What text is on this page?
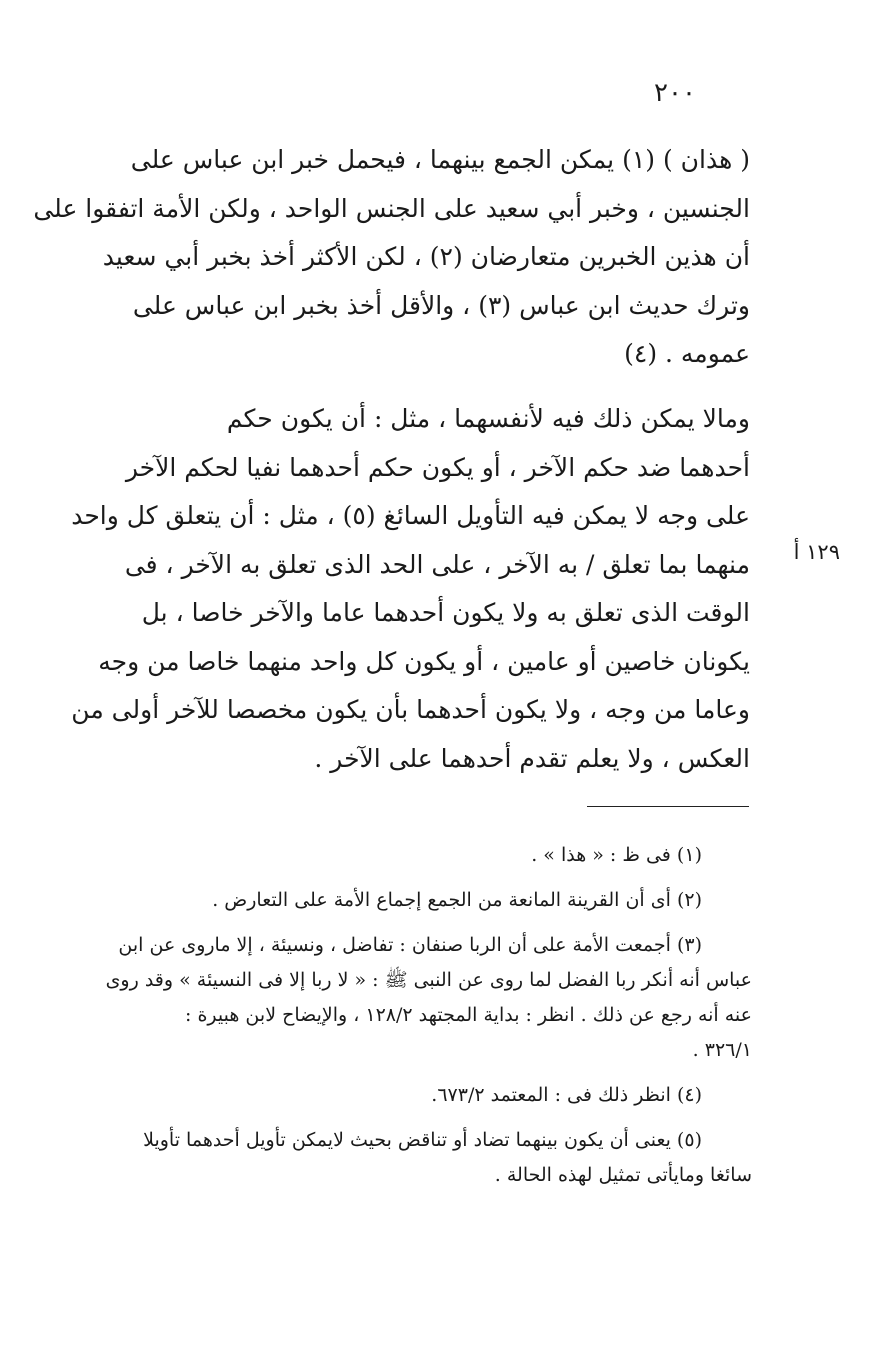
٢٠٠
( هذان ) (١) يمكن الجمع بينهما ، فيحمل خبر ابن عباس على
الجنسين ، وخبر أبي سعيد على الجنس الواحد ، ولكن الأمة اتفقوا على
أن هذين الخبرين متعارضان (٢) ، لكن الأكثر أخذ بخبر أبي سعيد
وترك حديث ابن عباس (٣) ، والأقل أخذ بخبر ابن عباس على
عمومه . (٤)
ومالا يمكن ذلك فيه لأنفسهما ، مثل : أن يكون حكم
أحدهما ضد حكم الآخر ، أو يكون حكم أحدهما نفيا لحكم الآخر
على وجه لا يمكن فيه التأويل السائغ (٥) ، مثل : أن يتعلق كل واحد
منهما بما تعلق / به الآخر ، على الحد الذى تعلق به الآخر ، فى
الوقت الذى تعلق به ولا يكون أحدهما عاما والآخر خاصا ، بل
يكونان خاصين أو عامين ، أو يكون كل واحد منهما خاصا من وجه
وعاما من وجه ، ولا يكون أحدهما بأن يكون مخصصا للآخر أولى من
العكس ، ولا يعلم تقدم أحدهما على الآخر .
١٢٩ أ
(١) فى ظ : « هذا » .
(٢) أى أن القرينة المانعة من الجمع إجماع الأمة على التعارض .
(٣) أجمعت الأمة على أن الربا صنفان : تفاضل ، ونسيئة ، إلا ماروى عن ابن
عباس أنه أنكر ربا الفضل لما روى عن النبى ﷺ : « لا ربا إلا فى النسيئة » وقد روى
عنه أنه رجع عن ذلك . انظر : بداية المجتهد ١٢٨/٢ ، والإيضاح لابن هبيرة :
٣٢٦/١ .
(٤) انظر ذلك فى : المعتمد ٦٧٣/٢.
(٥) يعنى أن يكون بينهما تضاد أو تناقض بحيث لايمكن تأويل أحدهما تأويلا
سائغا ومايأتى تمثيل لهذه الحالة .
